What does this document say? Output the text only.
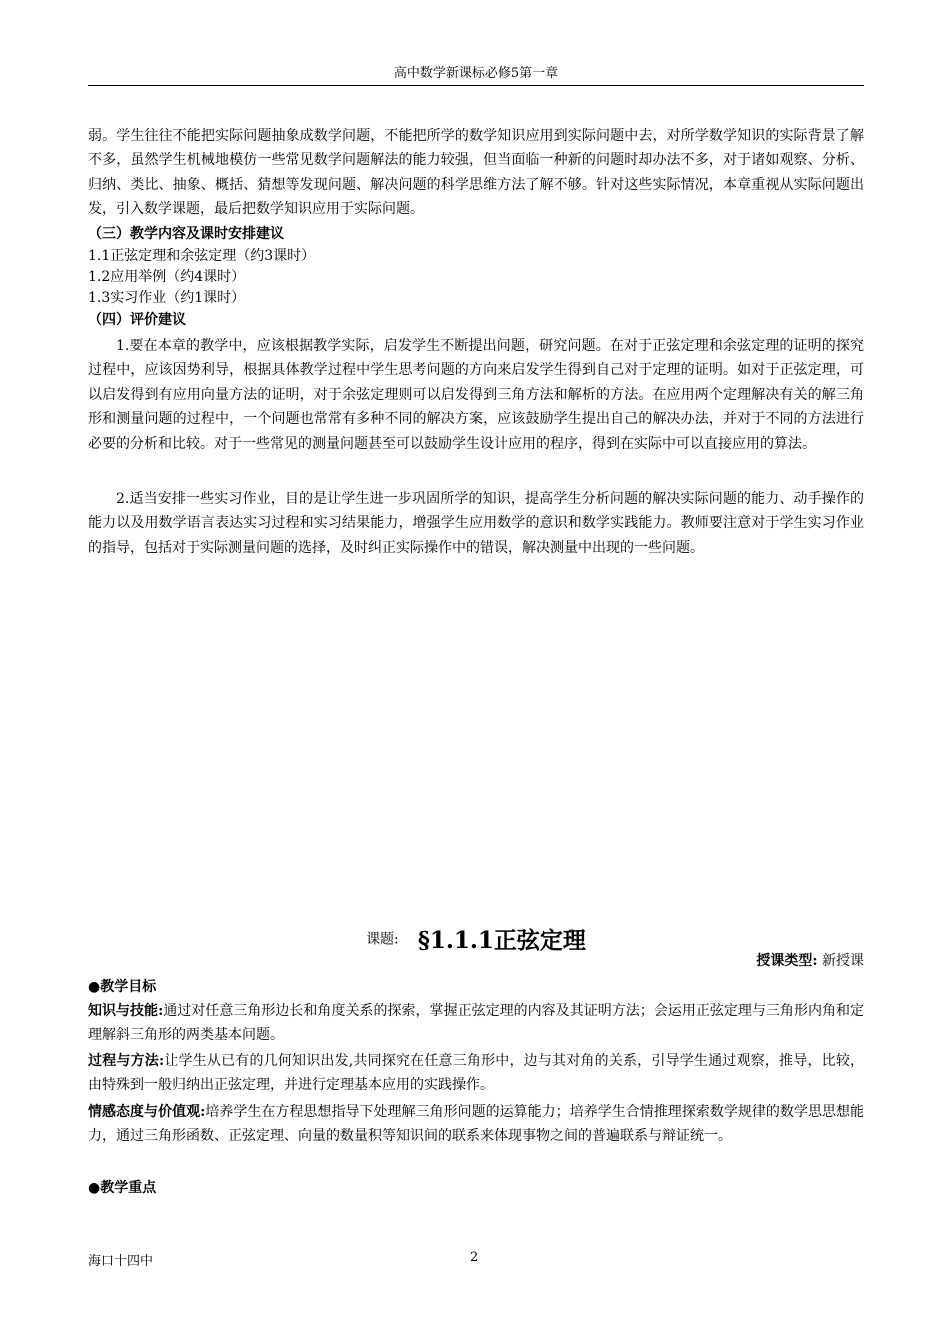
高中数学新课标必修5第一章

弱。学生往往不能把实际问题抽象成数学问题，不能把所学的数学知识应用到实际问题中去，对所学数学知识的实际背景了解不多，虽然学生机械地模仿一些常见数学问题解法的能力较强，但当面临一种新的问题时却办法不多，对于诸如观察、分析、归纳、类比、抽象、概括、猜想等发现问题、解决问题的科学思维方法了解不够。针对这些实际情况，本章重视从实际问题出发，引入数学课题，最后把数学知识应用于实际问题。

（三）教学内容及课时安排建议
1.1正弦定理和余弦定理（约3课时）
1.2应用举例（约4课时）
1.3实习作业（约1课时）
（四）评价建议

1.要在本章的教学中，应该根据教学实际，启发学生不断提出问题，研究问题。在对于正弦定理和余弦定理的证明的探究过程中，应该因势利导，根据具体教学过程中学生思考问题的方向来启发学生得到自己对于定理的证明。如对于正弦定理，可以启发得到有应用向量方法的证明，对于余弦定理则可以启发得到三角方法和解析的方法。在应用两个定理解决有关的解三角形和测量问题的过程中，一个问题也常常有多种不同的解决方案，应该鼓励学生提出自己的解决办法，并对于不同的方法进行必要的分析和比较。对于一些常见的测量问题甚至可以鼓励学生设计应用的程序，得到在实际中可以直接应用的算法。

2.适当安排一些实习作业，目的是让学生进一步巩固所学的知识，提高学生分析问题的解决实际问题的能力、动手操作的能力以及用数学语言表达实习过程和实习结果能力，增强学生应用数学的意识和数学实践能力。教师要注意对于学生实习作业的指导，包括对于实际测量问题的选择，及时纠正实际操作中的错误，解决测量中出现的一些问题。

课题: §1.1.1正弦定理
授课类型: 新授课
●教学目标

知识与技能:通过对任意三角形边长和角度关系的探索，掌握正弦定理的内容及其证明方法；会运用正弦定理与三角形内角和定理解斜三角形的两类基本问题。

过程与方法:让学生从已有的几何知识出发,共同探究在任意三角形中，边与其对角的关系，引导学生通过观察，推导，比较，由特殊到一般归纳出正弦定理，并进行定理基本应用的实践操作。

情感态度与价值观:培养学生在方程思想指导下处理解三角形问题的运算能力；培养学生合情推理探索数学规律的数学思思想能力，通过三角形函数、正弦定理、向量的数量积等知识间的联系来体现事物之间的普遍联系与辩证统一。

●教学重点
海口十四中	2
